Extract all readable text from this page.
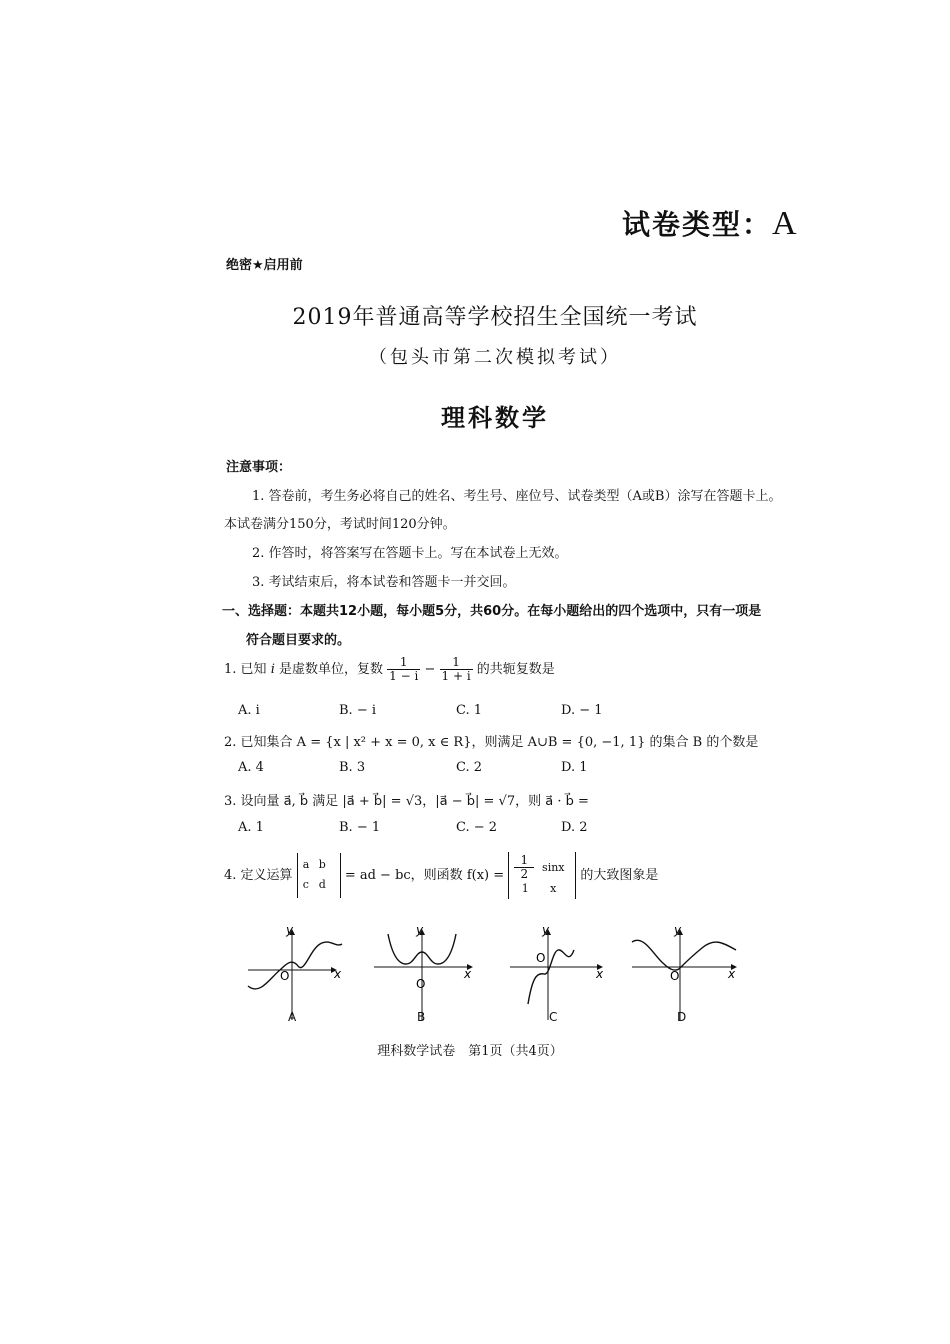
试卷类型：A
绝密★启用前
2019年普通高等学校招生全国统一考试
（包头市第二次模拟考试）
理科数学
注意事项：
1. 答卷前，考生务必将自己的姓名、考生号、座位号、试卷类型（A或B）涂写在答题卡上。
本试卷满分150分，考试时间120分钟。
2. 作答时，将答案写在答题卡上。写在本试卷上无效。
3. 考试结束后，将本试卷和答题卡一并交回。
一、选择题：本题共12小题，每小题5分，共60分。在每小题给出的四个选项中，只有一项是
符合题目要求的。
1. 已知 i 是虚数单位，复数 $\frac{1}{1 - i} - \frac{1}{1 + i}$ 的共轭复数是
A. i	B. − i	C. 1	D. − 1
2. 已知集合 A = {x | x² + x = 0, x ∈ R}，则满足 A∪B = {0, −1, 1} 的集合 B 的个数是
A. 4	B. 3	C. 2	D. 1
3. 设向量 a⃗, b⃗ 满足 |a⃗ + b⃗| = √3，|a⃗ − b⃗| = √7，则 a⃗ · b⃗ =
A. 1	B. − 1	C. − 2	D. 2
4. 定义运算 a b
c d = ad − bc，则函数 $f(x) = \frac{1}{2}$ sinx
1 x 的大致图象是
y
x
O
y
x
O
y
x
O
y
x
O
A	B	C	D
理科数学试卷　第1页（共4页）
